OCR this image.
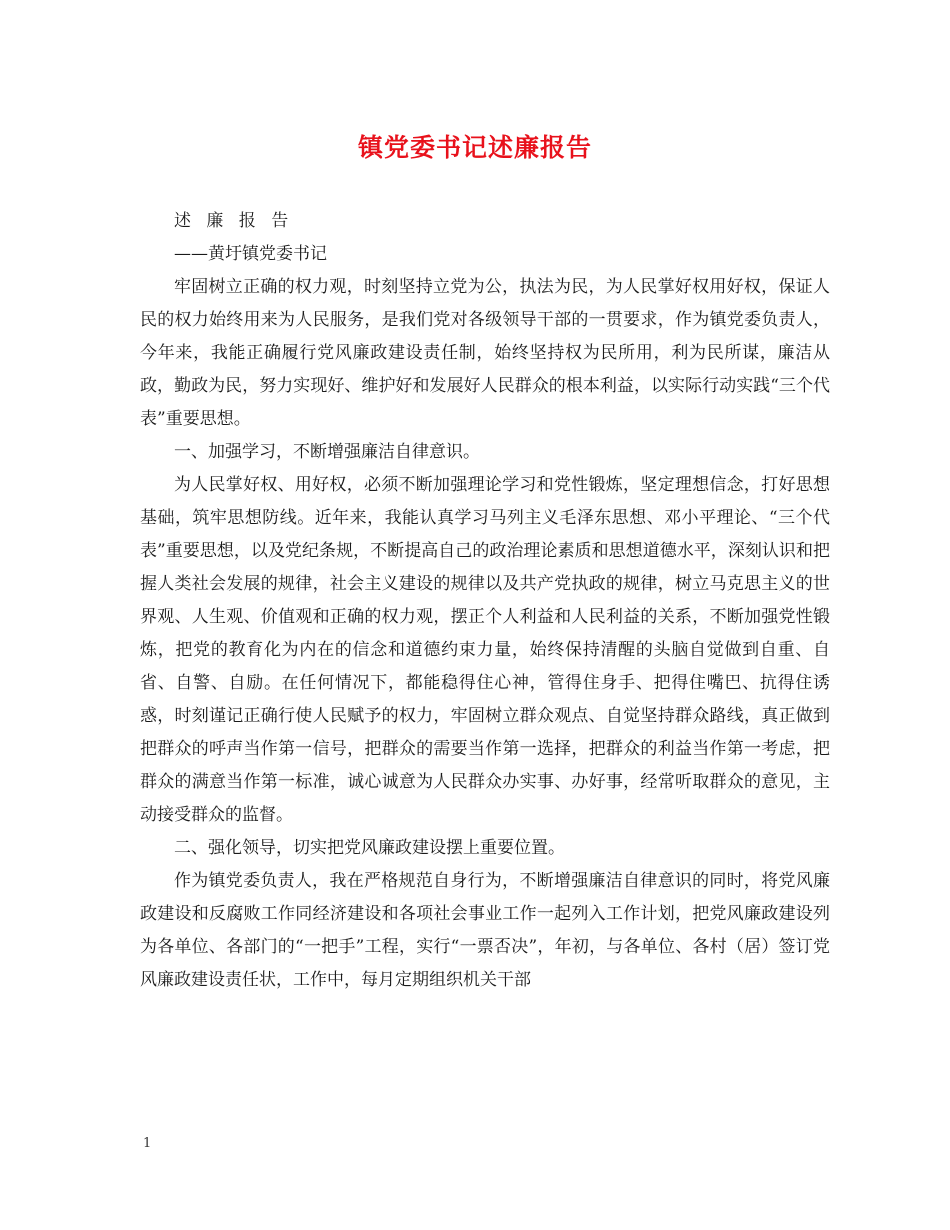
镇党委书记述廉报告

述 廉 报 告

——黄圩镇党委书记

牢固树立正确的权力观，时刻坚持立党为公，执法为民，为人民掌好权用好权，保证人民的权力始终用来为人民服务，是我们党对各级领导干部的一贯要求，作为镇党委负责人，今年来，我能正确履行党风廉政建设责任制，始终坚持权为民所用，利为民所谋，廉洁从政，勤政为民，努力实现好、维护好和发展好人民群众的根本利益，以实际行动实践“三个代表”重要思想。

一、加强学习，不断增强廉洁自律意识。

为人民掌好权、用好权，必须不断加强理论学习和党性锻炼，坚定理想信念，打好思想基础，筑牢思想防线。近年来，我能认真学习马列主义毛泽东思想、邓小平理论、“三个代表”重要思想，以及党纪条规，不断提高自己的政治理论素质和思想道德水平，深刻认识和把握人类社会发展的规律，社会主义建设的规律以及共产党执政的规律，树立马克思主义的世界观、人生观、价值观和正确的权力观，摆正个人利益和人民利益的关系，不断加强党性锻炼，把党的教育化为内在的信念和道德约束力量，始终保持清醒的头脑自觉做到自重、自省、自警、自励。在任何情况下，都能稳得住心神，管得住身手、把得住嘴巴、抗得住诱惑，时刻谨记正确行使人民赋予的权力，牢固树立群众观点、自觉坚持群众路线，真正做到把群众的呼声当作第一信号，把群众的需要当作第一选择，把群众的利益当作第一考虑，把群众的满意当作第一标准，诚心诚意为人民群众办实事、办好事，经常听取群众的意见，主动接受群众的监督。

二、强化领导，切实把党风廉政建设摆上重要位置。

作为镇党委负责人，我在严格规范自身行为，不断增强廉洁自律意识的同时，将党风廉政建设和反腐败工作同经济建设和各项社会事业工作一起列入工作计划，把党风廉政建设列为各单位、各部门的“一把手”工程，实行“一票否决”，年初，与各单位、各村（居）签订党风廉政建设责任状，工作中，每月定期组织机关干部

1
